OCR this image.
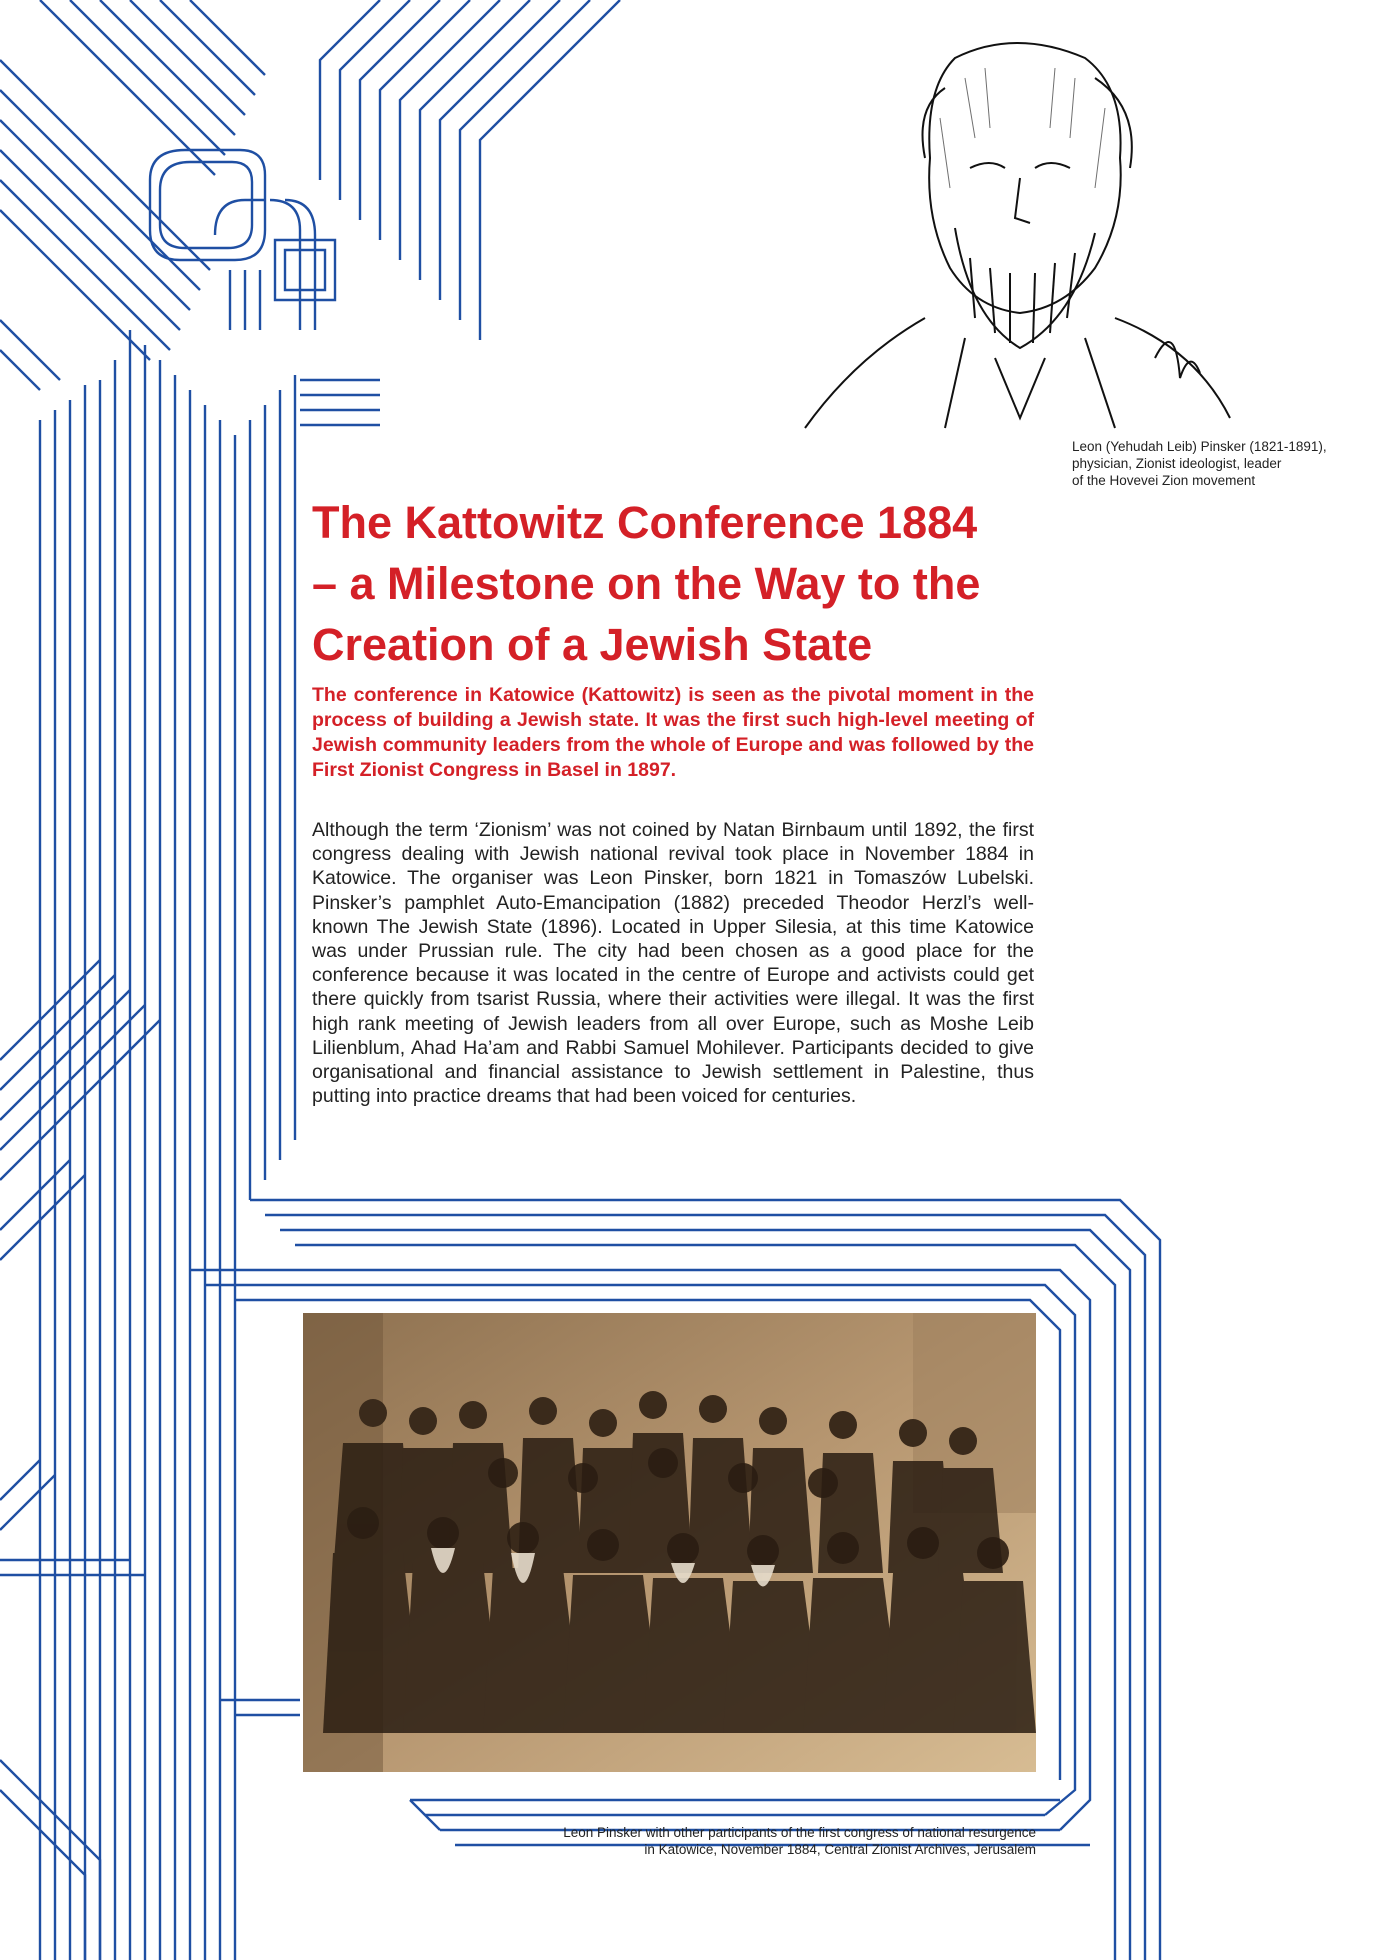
Leon (Yehudah Leib) Pinsker (1821-1891),
physician, Zionist ideologist, leader
of the Hovevei Zion movement
The Kattowitz Conference 1884
– a Milestone on the Way to the
Creation of a Jewish State

The conference in Katowice (Kattowitz) is seen as the pivotal moment in the process of building a Jewish state. It was the first such high-level meeting of Jewish community leaders from the whole of Europe and was followed by the First Zionist Congress in Basel in 1897.

Although the term ‘Zionism’ was not coined by Natan Birnbaum until 1892, the first congress dealing with Jewish national revival took place in November 1884 in Katowice. The organiser was Leon Pinsker, born 1821 in Tomaszów Lubelski. Pinsker’s pamphlet Auto-Emancipation (1882) preceded Theodor Herzl’s well-known The Jewish State (1896). Located in Upper Silesia, at this time Katowice was under Prussian rule. The city had been chosen as a good place for the conference because it was located in the centre of Europe and activists could get there quickly from tsarist Russia, where their activities were illegal. It was the first high rank meeting of Jewish leaders from all over Europe, such as Moshe Leib Lilienblum, Ahad Ha’am and Rabbi Samuel Mohilever. Participants decided to give organisational and financial assistance to Jewish settlement in Palestine, thus putting into practice dreams that had been voiced for centuries.

Leon Pinsker with other participants of the first congress of national resurgence
in Katowice, November 1884, Central Zionist Archives, Jerusalem
